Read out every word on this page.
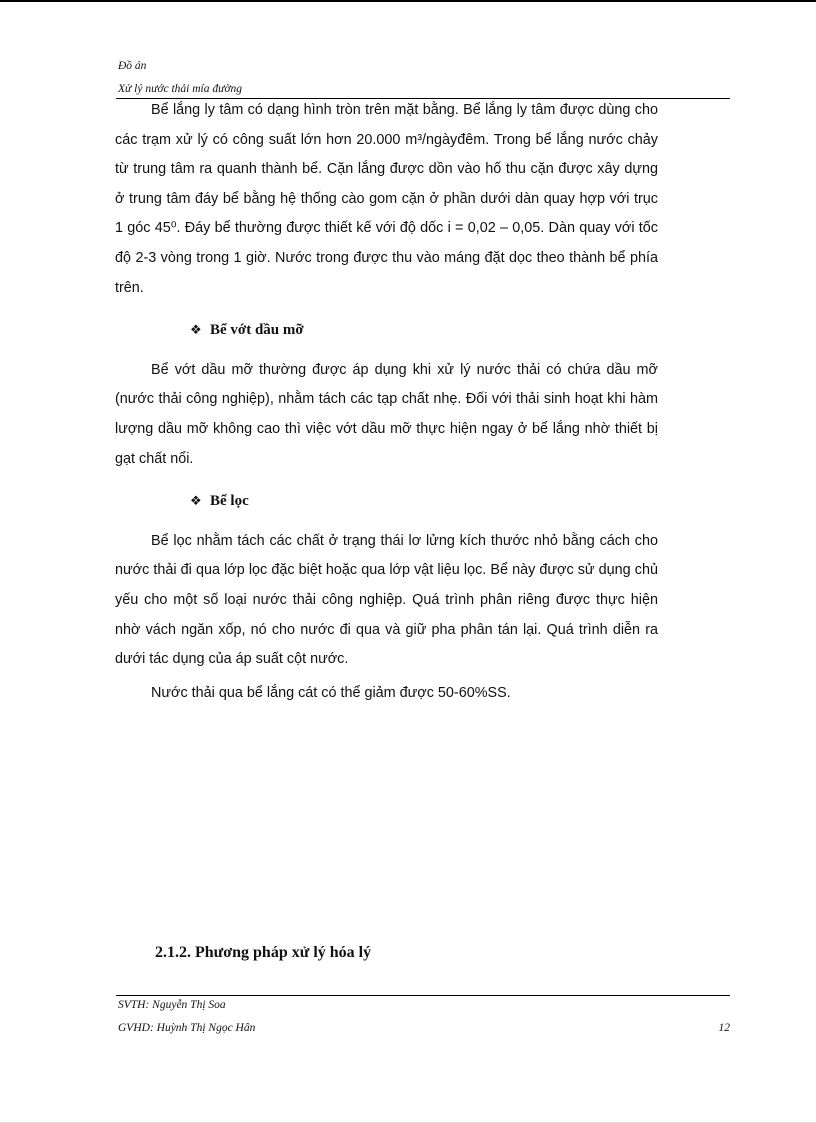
Đồ án
Xử lý nước thải mía đường

Bể lắng ly tâm có dạng hình tròn trên mặt bằng. Bể lắng ly tâm được dùng cho các trạm xử lý có công suất lớn hơn 20.000 m³/ngàyđêm. Trong bể lắng nước chảy từ trung tâm ra quanh thành bể. Cặn lắng được dồn vào hố thu cặn được xây dựng ở trung tâm đáy bể bằng hệ thống cào gom cặn ở phần dưới dàn quay hợp với trục 1 góc 45⁰. Đáy bể thường được thiết kế với độ dốc i = 0,02 – 0,05. Dàn quay với tốc độ 2-3 vòng trong 1 giờ. Nước trong được thu vào máng đặt dọc theo thành bể phía trên.

❖ Bể vớt dầu mỡ

Bể vớt dầu mỡ thường được áp dụng khi xử lý nước thải có chứa dầu mỡ (nước thải công nghiệp), nhằm tách các tạp chất nhẹ. Đối với thải sinh hoạt khi hàm lượng dầu mỡ không cao thì việc vớt dầu mỡ thực hiện ngay ở bể lắng nhờ thiết bị gạt chất nổi.

❖ Bể lọc

Bể lọc nhằm tách các chất ở trạng thái lơ lửng kích thước nhỏ bằng cách cho nước thải đi qua lớp lọc đặc biệt hoặc qua lớp vật liệu lọc. Bể này được sử dụng chủ yếu cho một số loại nước thải công nghiệp. Quá trình phân riêng được thực hiện nhờ vách ngăn xốp, nó cho nước đi qua và giữ pha phân tán lại. Quá trình diễn ra dưới tác dụng của áp suất cột nước.

Nước thải qua bể lắng cát có thể giảm được 50-60%SS.

2.1.2. Phương pháp xử lý hóa lý
SVTH: Nguyễn Thị Soa
GVHD: Huỳnh Thị Ngọc Hân	12
